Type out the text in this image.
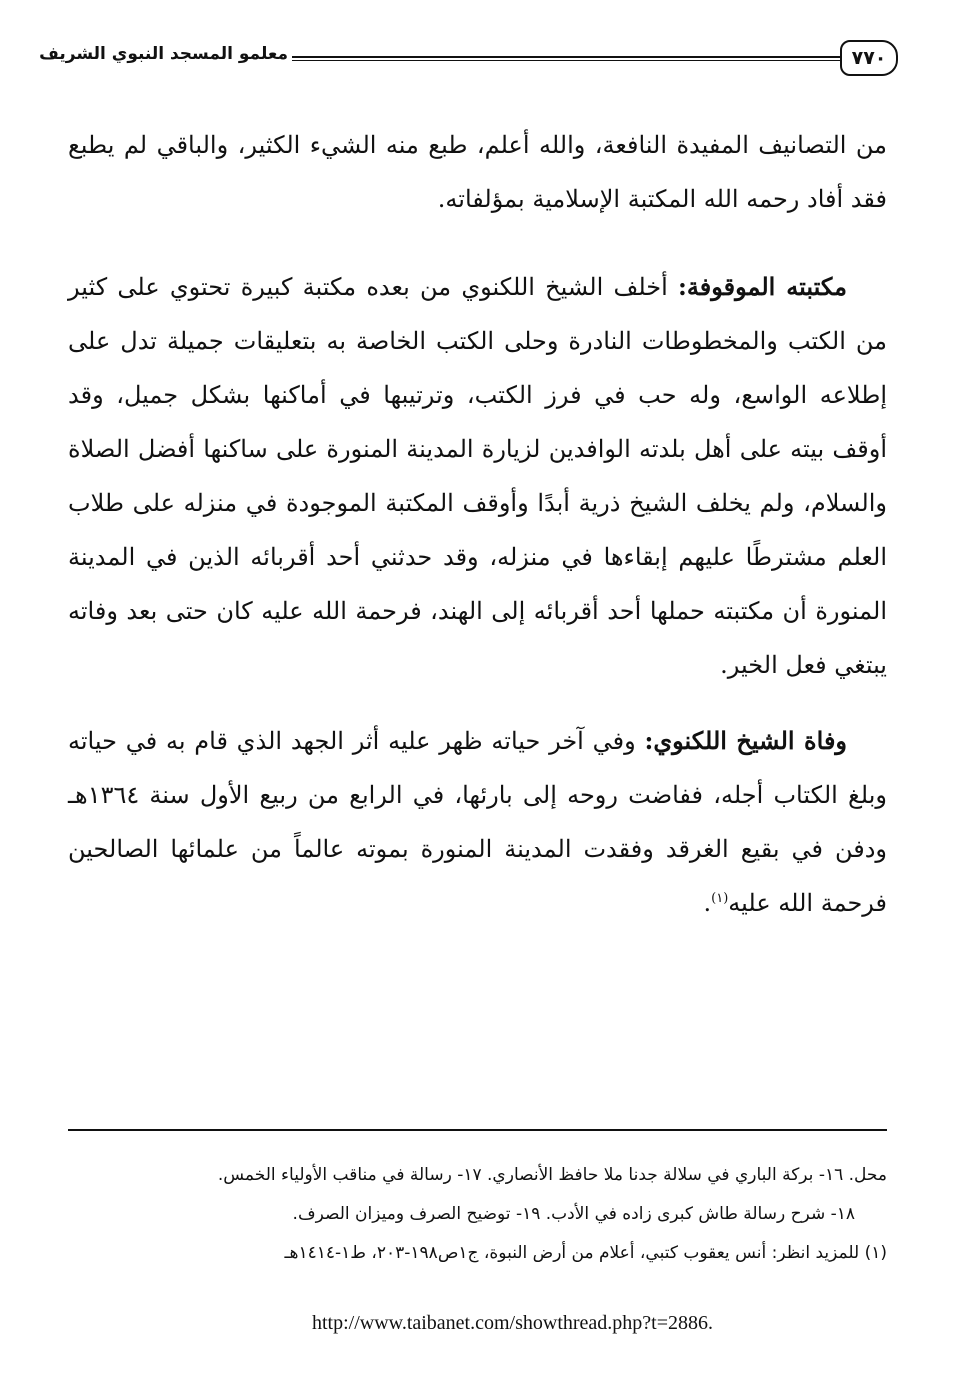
٧٧٠
معلمو المسجد النبوي الشريف

من التصانيف المفيدة النافعة، والله أعلم، طبع منه الشيء الكثير، والباقي لم يطبع فقد أفاد رحمه الله المكتبة الإسلامية بمؤلفاته.

مكتبته الموقوفة: أخلف الشيخ اللكنوي من بعده مكتبة كبيرة تحتوي على كثير من الكتب والمخطوطات النادرة وحلى الكتب الخاصة به بتعليقات جميلة تدل على إطلاعه الواسع، وله حب في فرز الكتب، وترتيبها في أماكنها بشكل جميل، وقد أوقف بيته على أهل بلدته الوافدين لزيارة المدينة المنورة على ساكنها أفضل الصلاة والسلام، ولم يخلف الشيخ ذرية أبدًا وأوقف المكتبة الموجودة في منزله على طلاب العلم مشترطًا عليهم إبقاءها في منزله، وقد حدثني أحد أقربائه الذين في المدينة المنورة أن مكتبته حملها أحد أقربائه إلى الهند، فرحمة الله عليه كان حتى بعد وفاته يبتغي فعل الخير.

وفاة الشيخ اللكنوي: وفي آخر حياته ظهر عليه أثر الجهد الذي قام به في حياته وبلغ الكتاب أجله، ففاضت روحه إلى بارئها، في الرابع من ربيع الأول سنة ١٣٦٤هـ ودفن في بقيع الغرقد وفقدت المدينة المنورة بموته عالماً من علمائها الصالحين فرحمة الله عليه$^{(١)}$.

محل. ١٦- بركة الباري في سلالة جدنا ملا حافظ الأنصاري. ١٧- رسالة في مناقب الأولياء الخمس.
١٨- شرح رسالة طاش كبرى زاده في الأدب. ١٩- توضيح الصرف وميزان الصرف.
(١) للمزيد انظر: أنس يعقوب كتبي، أعلام من أرض النبوة، ج١ص١٩٨-٢٠٣، ط١-١٤١٤هـ
http://www.taibanet.com/showthread.php?t=2886.
